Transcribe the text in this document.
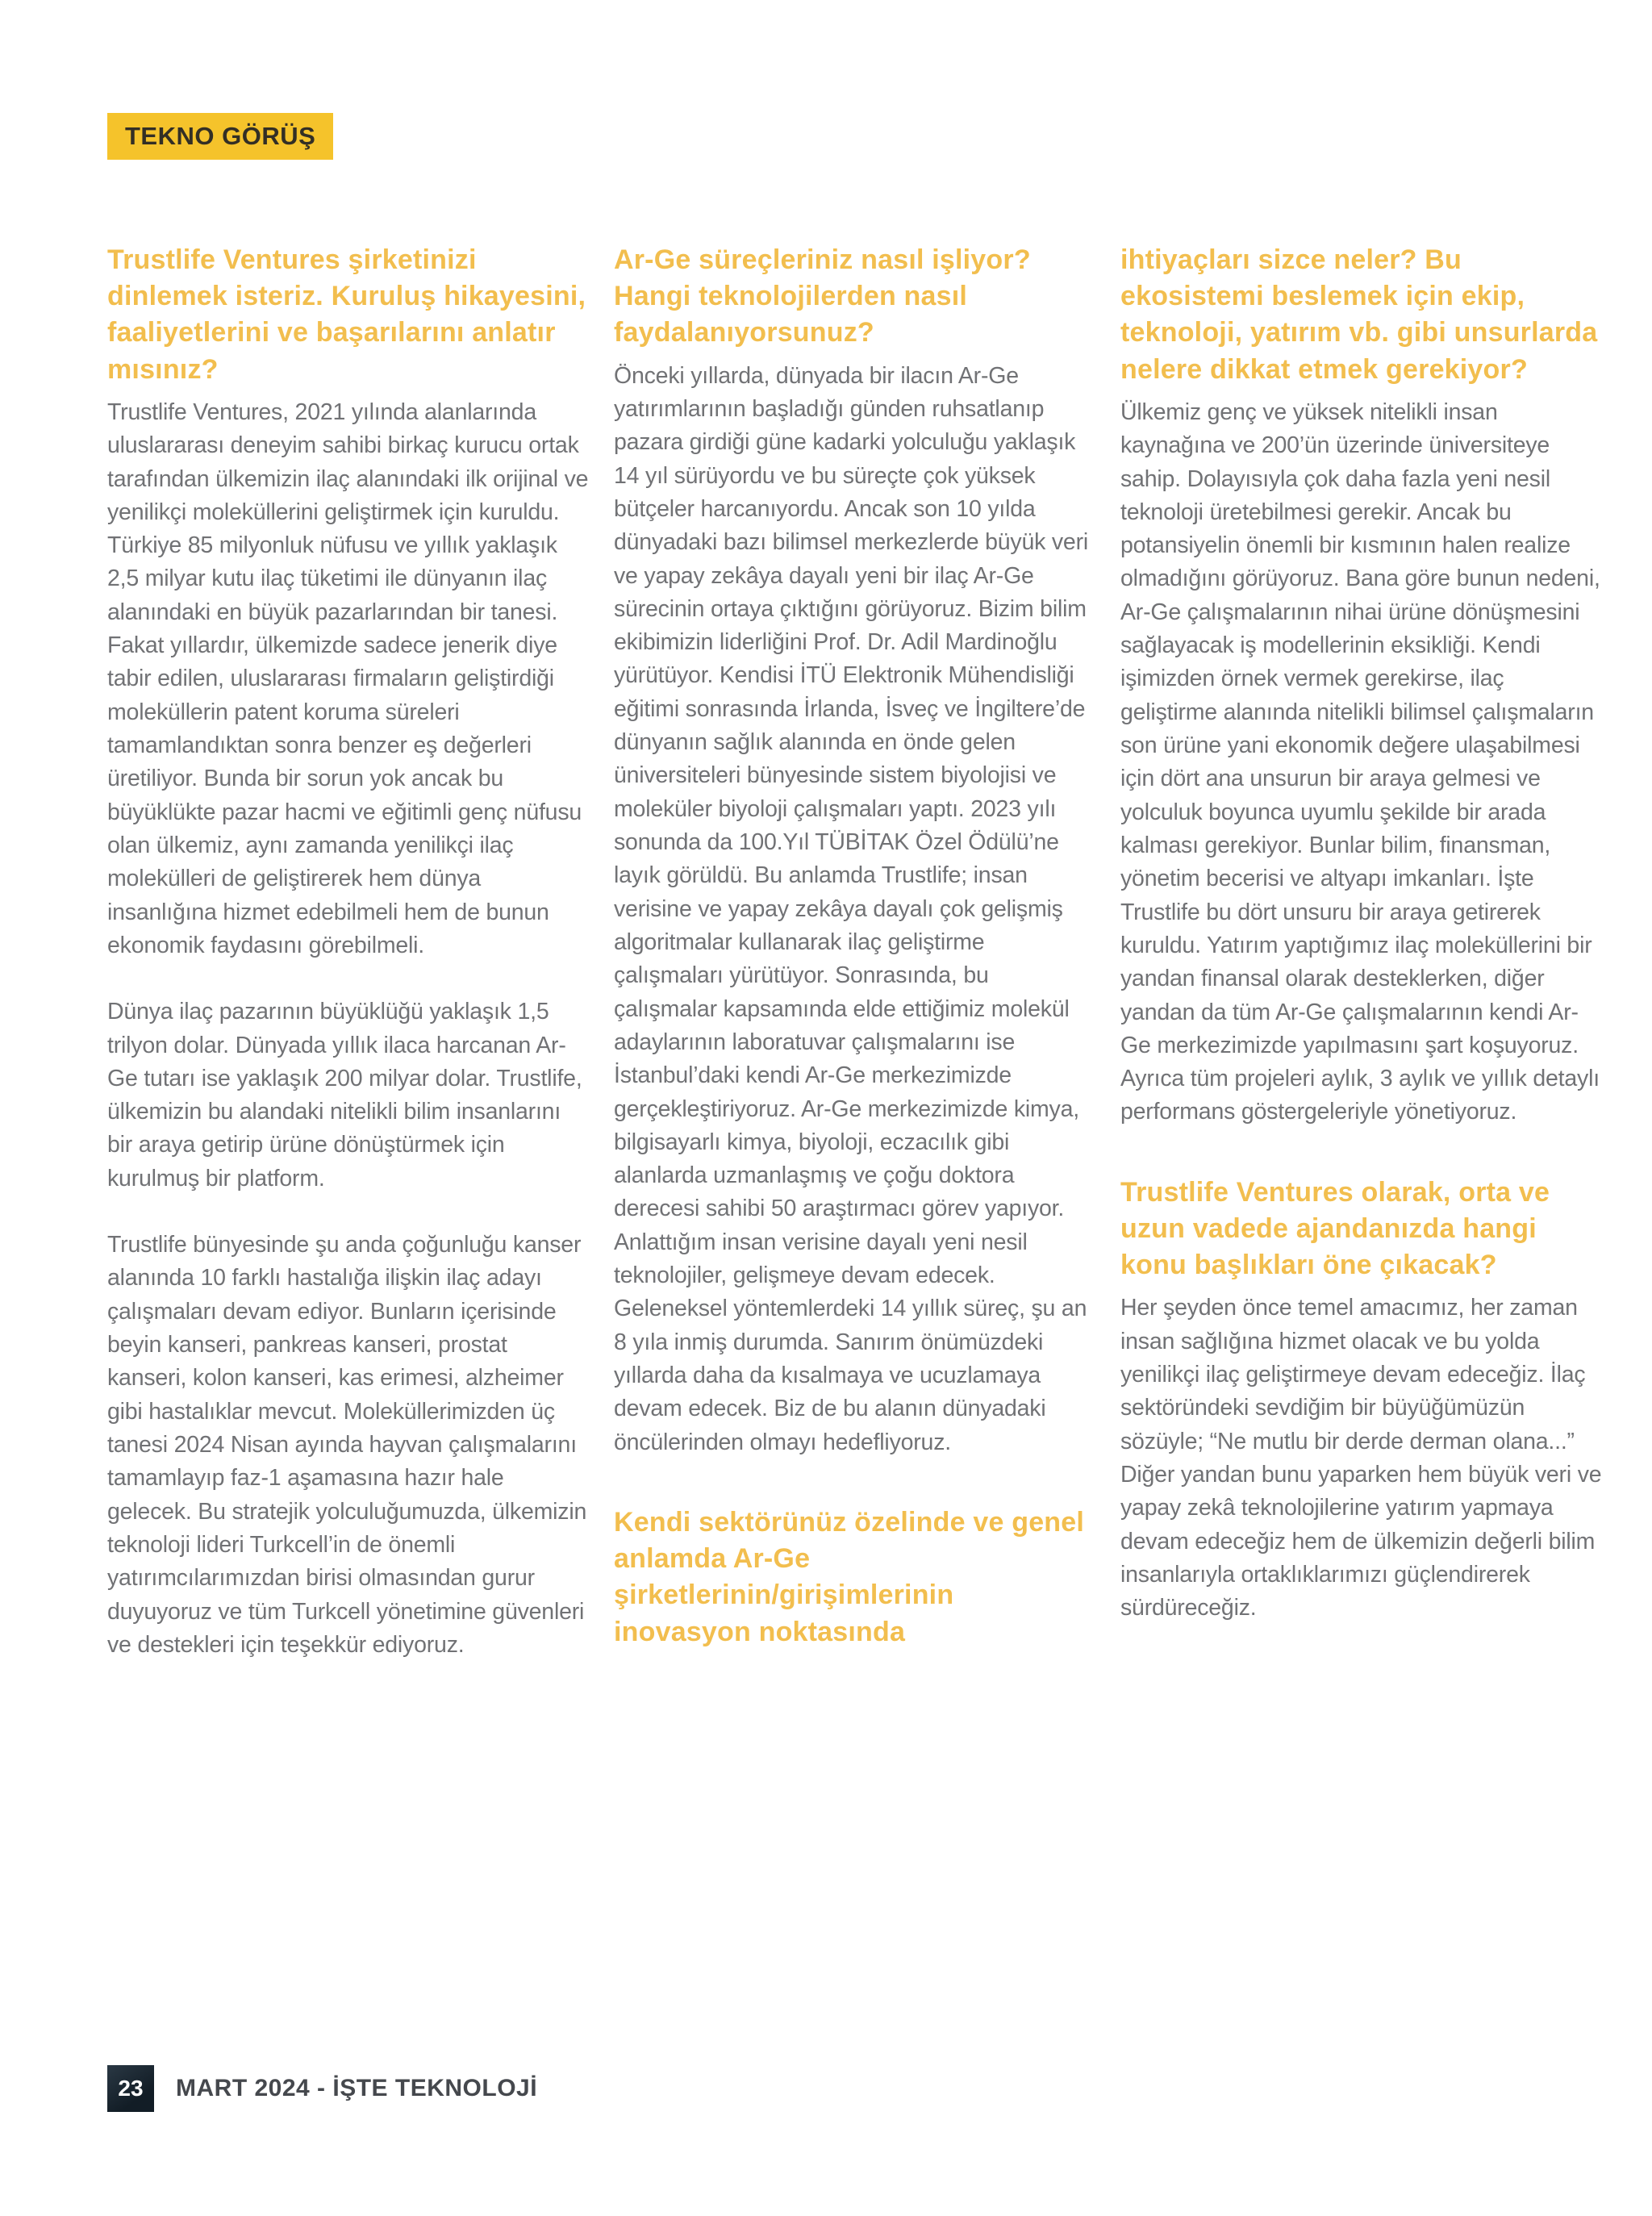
TEKNO GÖRÜŞ
Trustlife Ventures şirketinizi dinlemek isteriz. Kuruluş hikayesini, faaliyetlerini ve başarılarını anlatır mısınız?

Trustlife Ventures, 2021 yılında alanlarında uluslararası deneyim sahibi birkaç kurucu ortak tarafından ülkemizin ilaç alanındaki ilk orijinal ve yenilikçi moleküllerini geliştirmek için kuruldu. Türkiye 85 milyonluk nüfusu ve yıllık yaklaşık 2,5 milyar kutu ilaç tüketimi ile dünyanın ilaç alanındaki en büyük pazarlarından bir tanesi. Fakat yıllardır, ülkemizde sadece jenerik diye tabir edilen, uluslararası firmaların geliştirdiği moleküllerin patent koruma süreleri tamamlandıktan sonra benzer eş değerleri üretiliyor. Bunda bir sorun yok ancak bu büyüklükte pazar hacmi ve eğitimli genç nüfusu olan ülkemiz, aynı zamanda yenilikçi ilaç molekülleri de geliştirerek hem dünya insanlığına hizmet edebilmeli hem de bunun ekonomik faydasını görebilmeli.

Dünya ilaç pazarının büyüklüğü yaklaşık 1,5 trilyon dolar. Dünyada yıllık ilaca harcanan Ar-Ge tutarı ise yaklaşık 200 milyar dolar. Trustlife, ülkemizin bu alandaki nitelikli bilim insanlarını bir araya getirip ürüne dönüştürmek için kurulmuş bir platform.

Trustlife bünyesinde şu anda çoğunluğu kanser alanında 10 farklı hastalığa ilişkin ilaç adayı çalışmaları devam ediyor. Bunların içerisinde beyin kanseri, pankreas kanseri, prostat kanseri, kolon kanseri, kas erimesi, alzheimer gibi hastalıklar mevcut. Moleküllerimizden üç tanesi 2024 Nisan ayında hayvan çalışmalarını tamamlayıp faz-1 aşamasına hazır hale gelecek. Bu stratejik yolculuğumuzda, ülkemizin teknoloji lideri Turkcell’in de önemli yatırımcılarımızdan birisi olmasından gurur duyuyoruz ve tüm Turkcell yönetimine güvenleri ve destekleri için teşekkür ediyoruz.

Ar-Ge süreçleriniz nasıl işliyor? Hangi teknolojilerden nasıl faydalanıyorsunuz?

Önceki yıllarda, dünyada bir ilacın Ar-Ge yatırımlarının başladığı günden ruhsatlanıp pazara girdiği güne kadarki yolculuğu yaklaşık 14 yıl sürüyordu ve bu süreçte çok yüksek bütçeler harcanıyordu. Ancak son 10 yılda dünyadaki bazı bilimsel merkezlerde büyük veri ve yapay zekâya dayalı yeni bir ilaç Ar-Ge sürecinin ortaya çıktığını görüyoruz. Bizim bilim ekibimizin liderliğini Prof. Dr. Adil Mardinoğlu yürütüyor. Kendisi İTÜ Elektronik Mühendisliği eğitimi sonrasında İrlanda, İsveç ve İngiltere’de dünyanın sağlık alanında en önde gelen üniversiteleri bünyesinde sistem biyolojisi ve moleküler biyoloji çalışmaları yaptı. 2023 yılı sonunda da 100.Yıl TÜBİTAK Özel Ödülü’ne layık görüldü. Bu anlamda Trustlife; insan verisine ve yapay zekâya dayalı çok gelişmiş algoritmalar kullanarak ilaç geliştirme çalışmaları yürütüyor. Sonrasında, bu çalışmalar kapsamında elde ettiğimiz molekül adaylarının laboratuvar çalışmalarını ise İstanbul’daki kendi Ar-Ge merkezimizde gerçekleştiriyoruz. Ar-Ge merkezimizde kimya, bilgisayarlı kimya, biyoloji, eczacılık gibi alanlarda uzmanlaşmış ve çoğu doktora derecesi sahibi 50 araştırmacı görev yapıyor. Anlattığım insan verisine dayalı yeni nesil teknolojiler, gelişmeye devam edecek. Geleneksel yöntemlerdeki 14 yıllık süreç, şu an 8 yıla inmiş durumda. Sanırım önümüzdeki yıllarda daha da kısalmaya ve ucuzlamaya devam edecek. Biz de bu alanın dünyadaki öncülerinden olmayı hedefliyoruz.

Kendi sektörünüz özelinde ve genel anlamda Ar-Ge şirketlerinin/girişimlerinin inovasyon noktasında
ihtiyaçları sizce neler? Bu ekosistemi beslemek için ekip, teknoloji, yatırım vb. gibi unsurlarda nelere dikkat etmek gerekiyor?

Ülkemiz genç ve yüksek nitelikli insan kaynağına ve 200’ün üzerinde üniversiteye sahip. Dolayısıyla çok daha fazla yeni nesil teknoloji üretebilmesi gerekir. Ancak bu potansiyelin önemli bir kısmının halen realize olmadığını görüyoruz. Bana göre bunun nedeni, Ar-Ge çalışmalarının nihai ürüne dönüşmesini sağlayacak iş modellerinin eksikliği. Kendi işimizden örnek vermek gerekirse, ilaç geliştirme alanında nitelikli bilimsel çalışmaların son ürüne yani ekonomik değere ulaşabilmesi için dört ana unsurun bir araya gelmesi ve yolculuk boyunca uyumlu şekilde bir arada kalması gerekiyor. Bunlar bilim, finansman, yönetim becerisi ve altyapı imkanları. İşte Trustlife bu dört unsuru bir araya getirerek kuruldu. Yatırım yaptığımız ilaç moleküllerini bir yandan finansal olarak desteklerken, diğer yandan da tüm Ar-Ge çalışmalarının kendi Ar-Ge merkezimizde yapılmasını şart koşuyoruz. Ayrıca tüm projeleri aylık, 3 aylık ve yıllık detaylı performans göstergeleriyle yönetiyoruz.

Trustlife Ventures olarak, orta ve uzun vadede ajandanızda hangi konu başlıkları öne çıkacak?

Her şeyden önce temel amacımız, her zaman insan sağlığına hizmet olacak ve bu yolda yenilikçi ilaç geliştirmeye devam edeceğiz. İlaç sektöründeki sevdiğim bir büyüğümüzün sözüyle; “Ne mutlu bir derde derman olana...” Diğer yandan bunu yaparken hem büyük veri ve yapay zekâ teknolojilerine yatırım yapmaya devam edeceğiz hem de ülkemizin değerli bilim insanlarıyla ortaklıklarımızı güçlendirerek sürdüreceğiz.

23	MART 2024 - İŞTE TEKNOLOJİ
